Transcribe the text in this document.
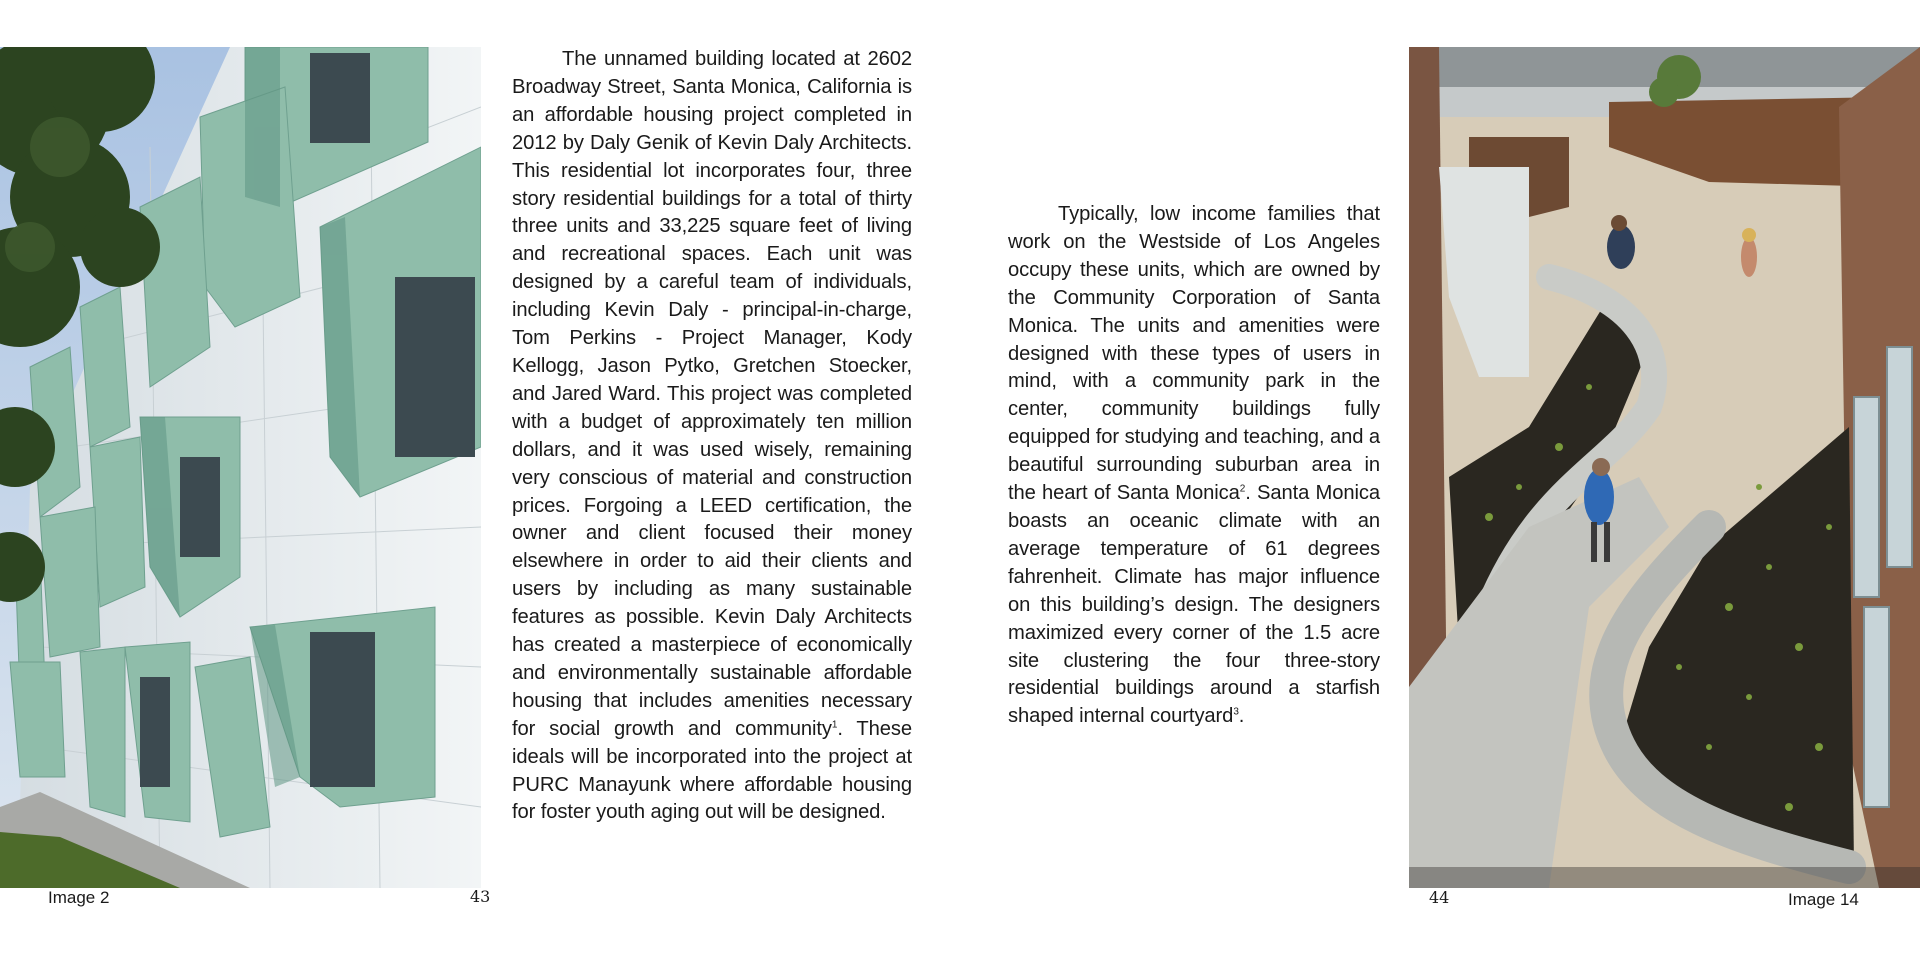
The unnamed building located at 2602 Broadway Street, Santa Monica, California is an affordable housing project completed in 2012 by Daly Genik of Kevin Daly Architects. This residential lot incorporates four, three story residential buildings for a total of thirty three units and 33,225 square feet of living and recreational spaces. Each unit was designed by a careful team of individuals, including Kevin Daly - principal-in-charge, Tom Perkins - Project Manager, Kody Kellogg, Jason Pytko, Gretchen Stoecker, and Jared Ward. This project was completed with a budget of approximately ten million dollars, and it was used wisely, remaining very conscious of material and construction prices. Forgoing a LEED certification, the owner and client focused their money elsewhere in order to aid their clients and users by including as many sustainable features as possible. Kevin Daly Architects has created a masterpiece of economically and environmentally sustainable affordable housing that includes amenities necessary for social growth and community$^1$. These ideals will be incorporated into the project at PURC Manayunk where affordable housing for foster youth aging out will be designed.

Image 2	43

Typically, low income families that work on the Westside of Los Angeles occupy these units, which are owned by the Community Corporation of Santa Monica. The units and amenities were designed with these types of users in mind, with a community park in the center, community buildings fully equipped for studying and teaching, and a beautiful surrounding suburban area in the heart of Santa Monica$^2$. Santa Monica boasts an oceanic climate with an average temperature of 61 degrees fahrenheit. Climate has major influence on this building’s design. The designers maximized every corner of the 1.5 acre site clustering the four three-story residential buildings around a starfish shaped internal courtyard$^3$.

44	Image 14
